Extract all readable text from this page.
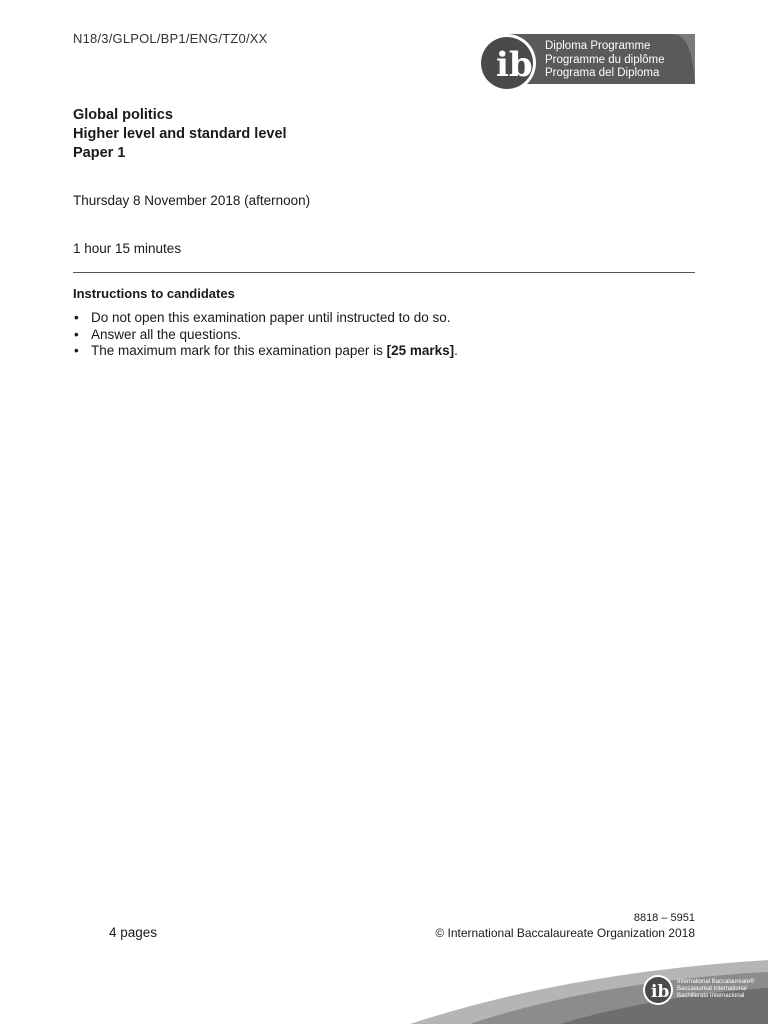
N18/3/GLPOL/BP1/ENG/TZ0/XX
ib Diploma Programme
Programme du diplôme
Programa del Diploma
Global politics
Higher level and standard level
Paper 1
Thursday 8 November 2018 (afternoon)
1 hour 15 minutes
Instructions to candidates
• Do not open this examination paper until instructed to do so.
• Answer all the questions.
• The maximum mark for this examination paper is [25 marks].
4 pages
8818 – 5951
© International Baccalaureate Organization 2018
ib International Baccalaureate®
Baccalauréat International
Bachillerato Internacional
